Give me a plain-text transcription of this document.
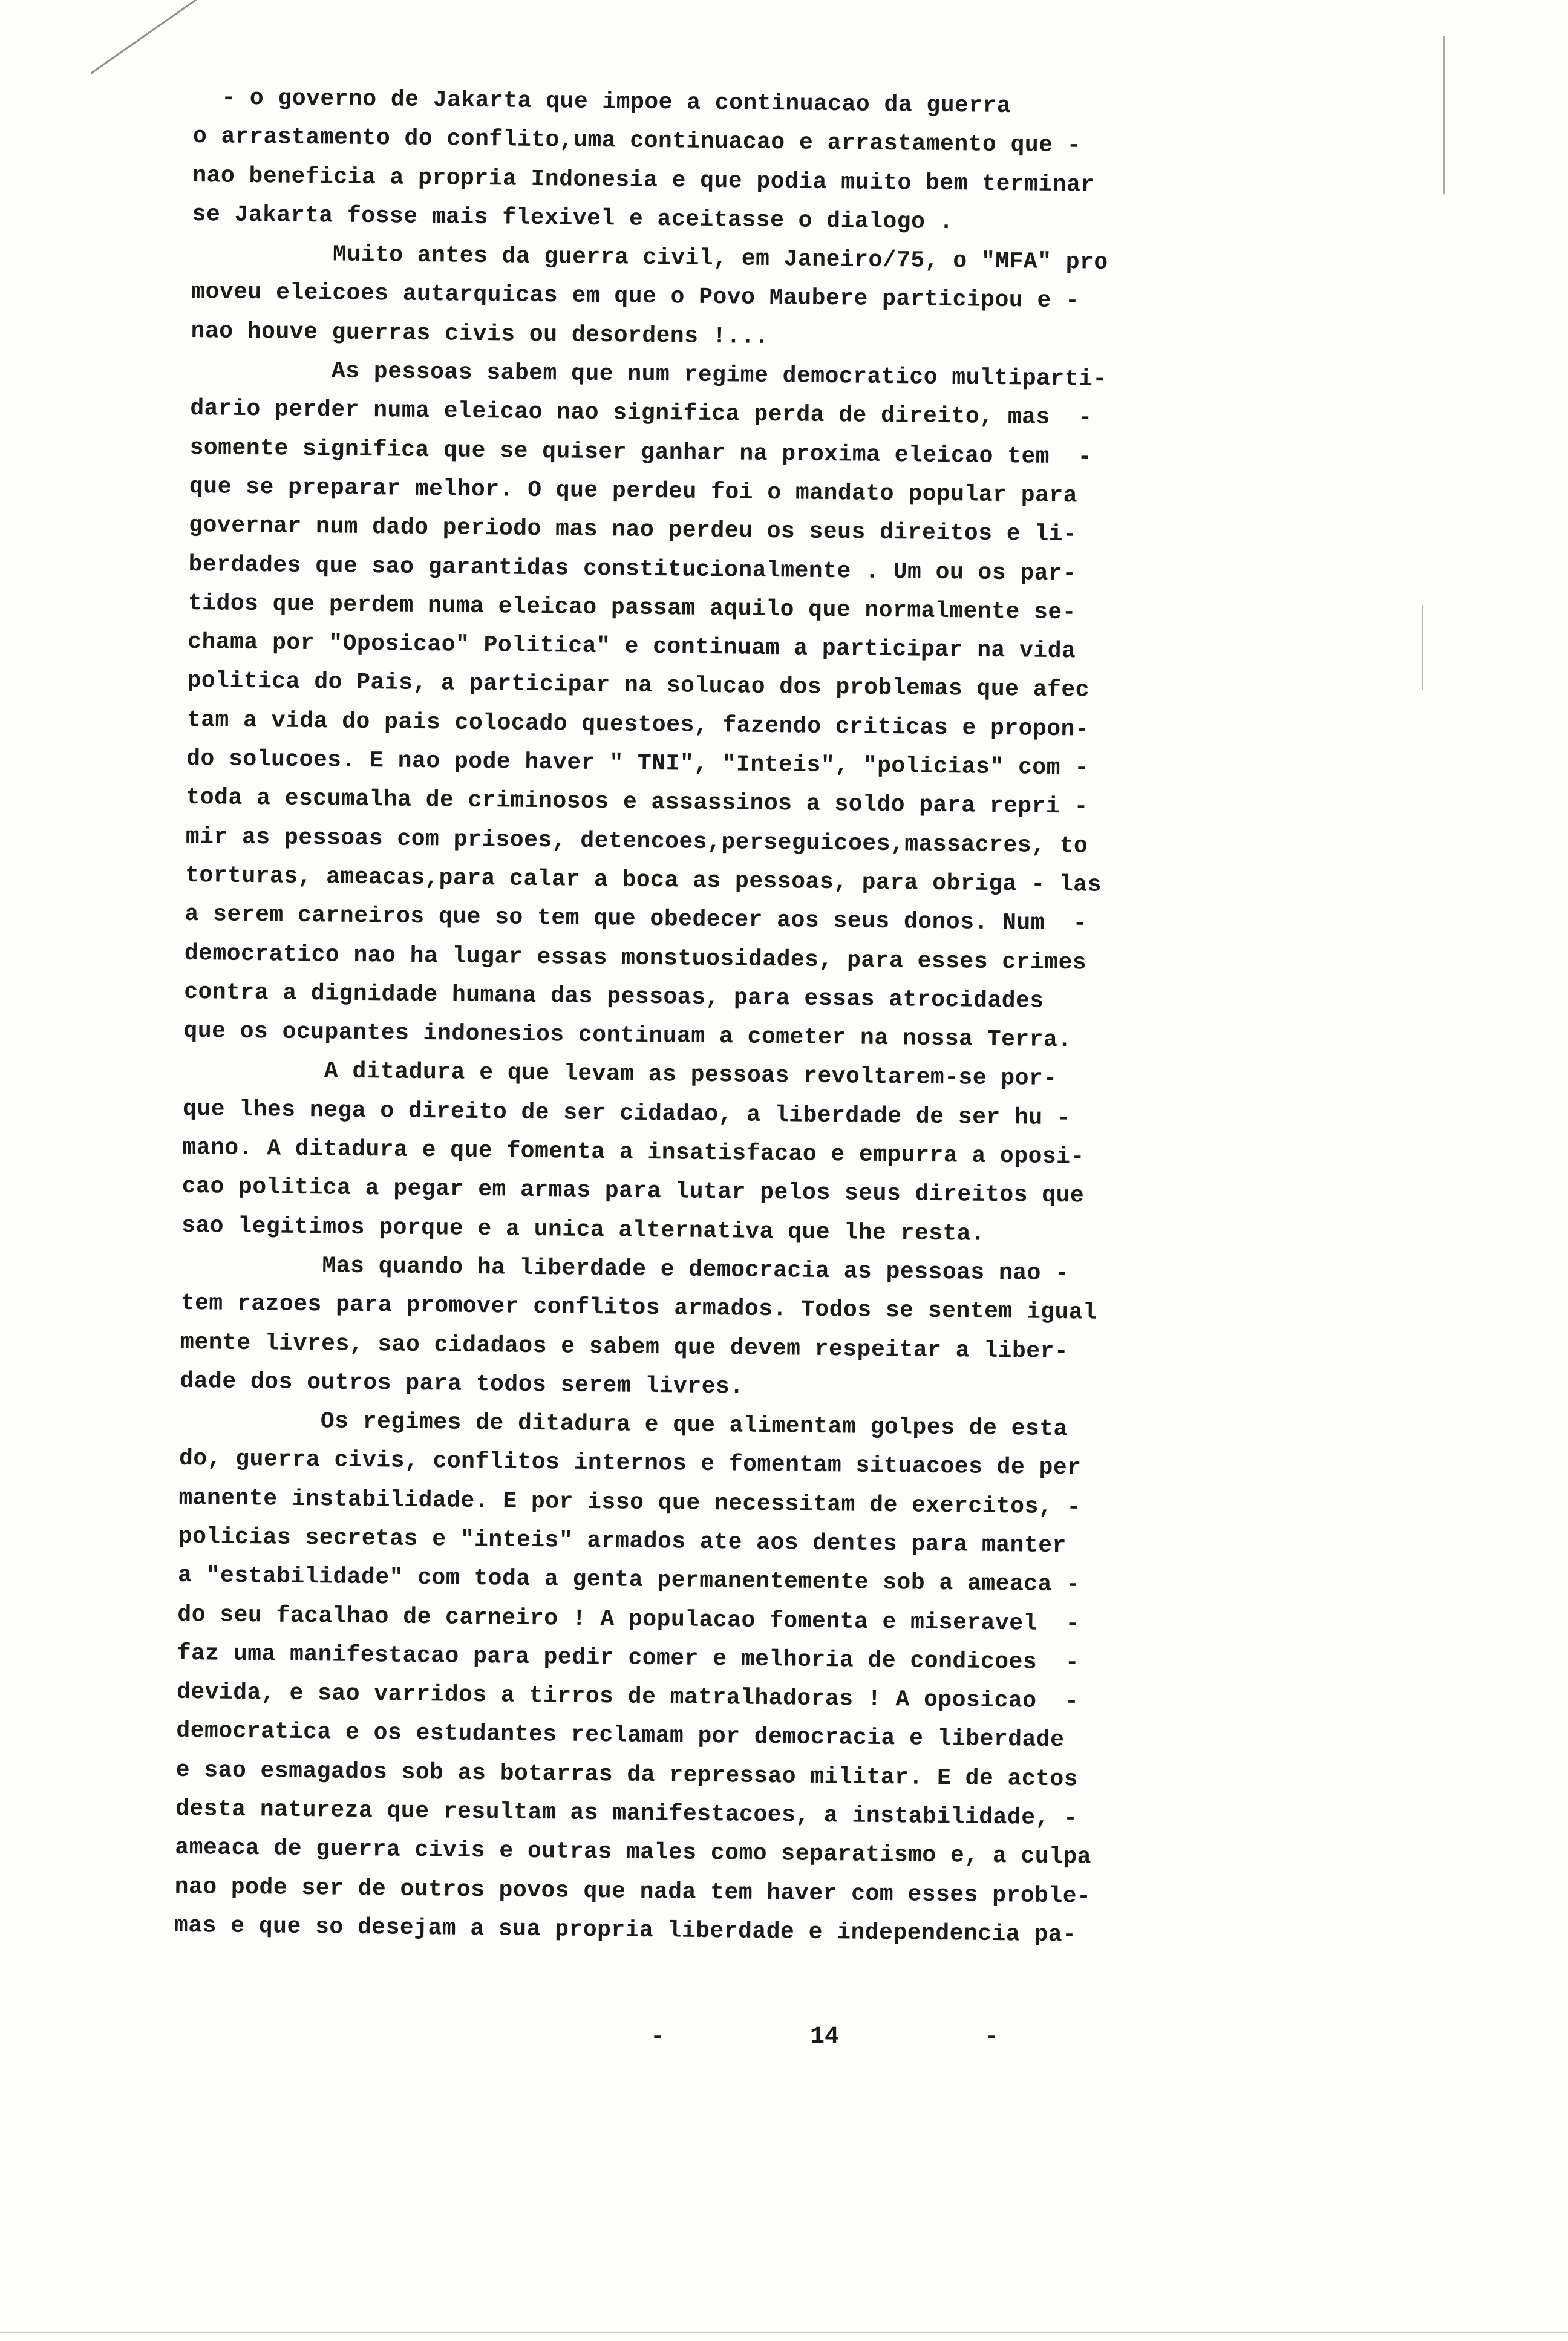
- o governo de Jakarta que impoe a continuacao da guerra
o arrastamento do conflito,uma continuacao e arrastamento que -
nao beneficia a propria Indonesia e que podia muito bem terminar
se Jakarta fosse mais flexivel e aceitasse o dialogo .
Muito antes da guerra civil, em Janeiro/75, o "MFA" pro
moveu eleicoes autarquicas em que o Povo Maubere participou e -
nao houve guerras civis ou desordens !...
As pessoas sabem que num regime democratico multiparti-
dario perder numa eleicao nao significa perda de direito, mas  -
somente significa que se quiser ganhar na proxima eleicao tem  -
que se preparar melhor. O que perdeu foi o mandato popular para
governar num dado periodo mas nao perdeu os seus direitos e li-
berdades que sao garantidas constitucionalmente . Um ou os par-
tidos que perdem numa eleicao passam aquilo que normalmente se-
chama por "Oposicao" Politica" e continuam a participar na vida
politica do Pais, a participar na solucao dos problemas que afec
tam a vida do pais colocado questoes, fazendo criticas e propon-
do solucoes. E nao pode haver " TNI", "Inteis", "policias" com -
toda a escumalha de criminosos e assassinos a soldo para repri -
mir as pessoas com prisoes, detencoes,perseguicoes,massacres, to
torturas, ameacas,para calar a boca as pessoas, para obriga - las
a serem carneiros que so tem que obedecer aos seus donos. Num  -
democratico nao ha lugar essas monstuosidades, para esses crimes
contra a dignidade humana das pessoas, para essas atrocidades
que os ocupantes indonesios continuam a cometer na nossa Terra.
A ditadura e que levam as pessoas revoltarem-se por-
que lhes nega o direito de ser cidadao, a liberdade de ser hu -
mano. A ditadura e que fomenta a insatisfacao e empurra a oposi-
cao politica a pegar em armas para lutar pelos seus direitos que
sao legitimos porque e a unica alternativa que lhe resta.
Mas quando ha liberdade e democracia as pessoas nao -
tem razoes para promover conflitos armados. Todos se sentem igual
mente livres, sao cidadaos e sabem que devem respeitar a liber-
dade dos outros para todos serem livres.
Os regimes de ditadura e que alimentam golpes de esta
do, guerra civis, conflitos internos e fomentam situacoes de per
manente instabilidade. E por isso que necessitam de exercitos, -
policias secretas e "inteis" armados ate aos dentes para manter
a "estabilidade" com toda a genta permanentemente sob a ameaca -
do seu facalhao de carneiro ! A populacao fomenta e miseravel  -
faz uma manifestacao para pedir comer e melhoria de condicoes  -
devida, e sao varridos a tirros de matralhadoras ! A oposicao  -
democratica e os estudantes reclamam por democracia e liberdade
e sao esmagados sob as botarras da repressao militar. E de actos
desta natureza que resultam as manifestacoes, a instabilidade, -
ameaca de guerra civis e outras males como separatismo e, a culpa
nao pode ser de outros povos que nada tem haver com esses proble-
mas e que so desejam a sua propria liberdade e independencia pa-
-          14          -
